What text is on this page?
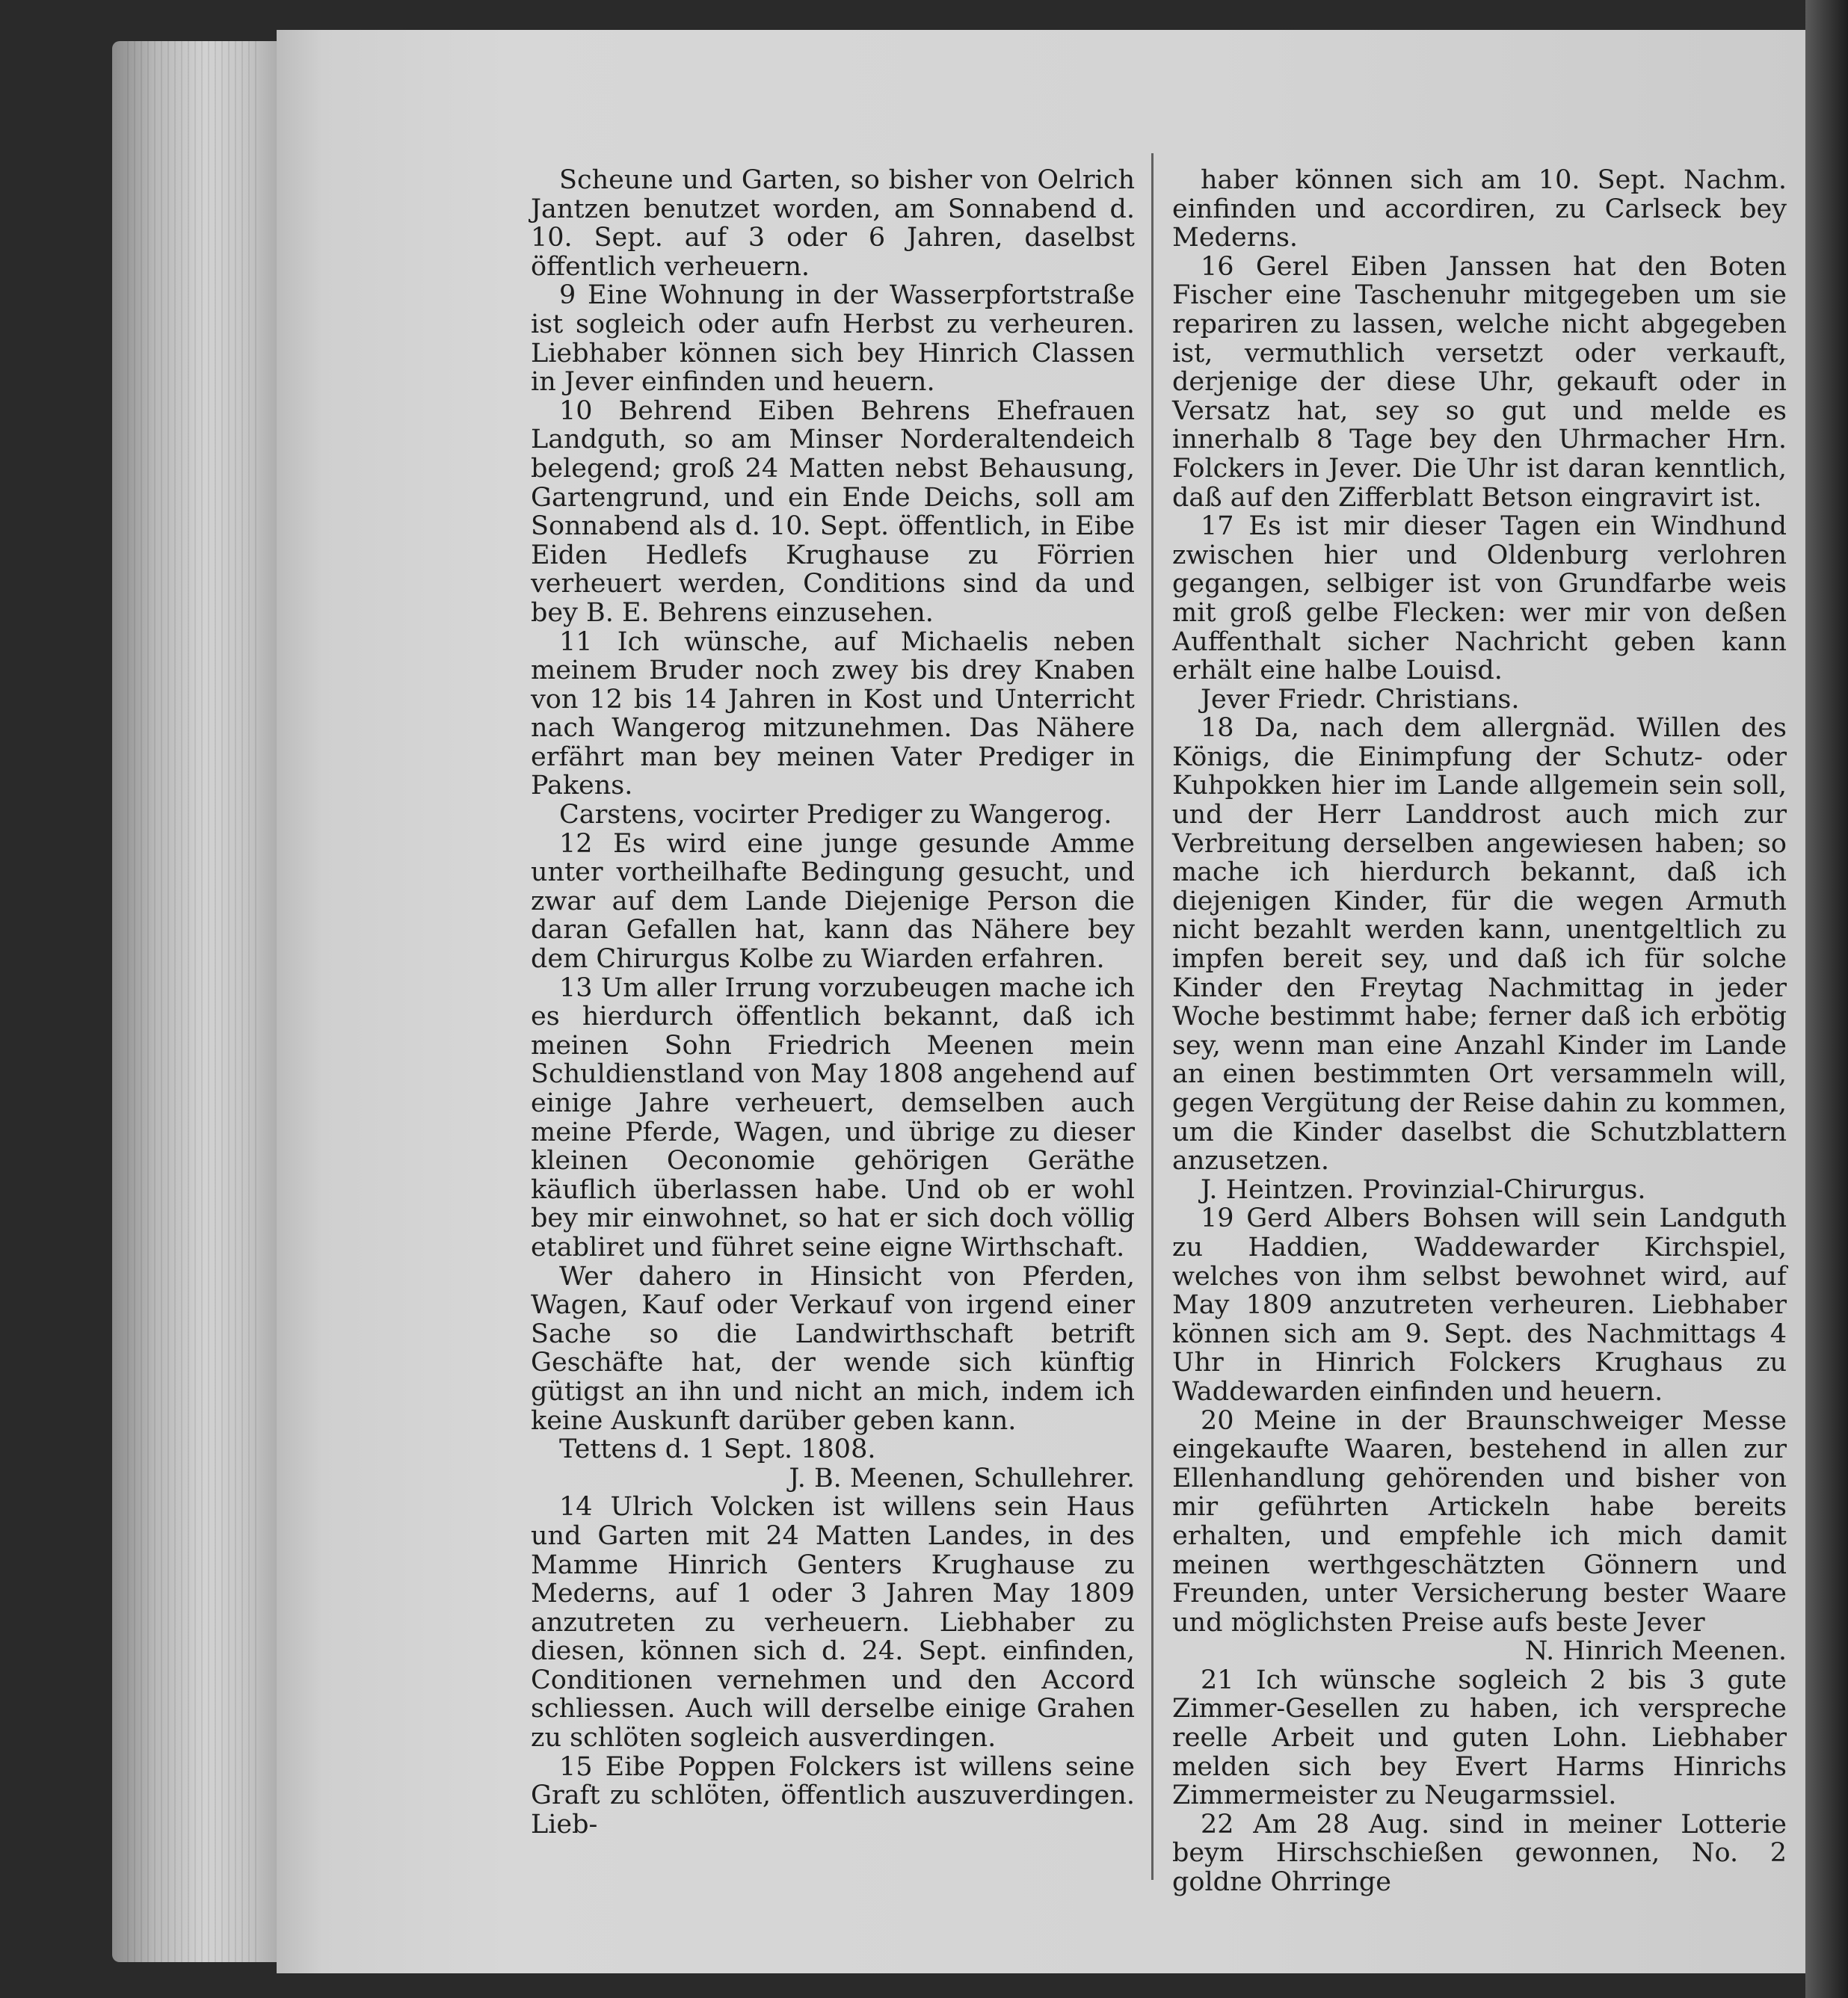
Scheune und Garten, so bisher von Oelrich Jantzen benutzet worden, am Sonnabend d. 10. Sept. auf 3 oder 6 Jahren, daselbst öffentlich verheuern.

9 Eine Wohnung in der Wasserpfortstraße ist sogleich oder aufn Herbst zu verheuren. Liebhaber können sich bey Hinrich Classen in Jever einfinden und heuern.

10 Behrend Eiben Behrens Ehefrauen Landguth, so am Minser Norderaltendeich belegend; groß 24 Matten nebst Behausung, Gartengrund, und ein Ende Deichs, soll am Sonnabend als d. 10. Sept. öffentlich, in Eibe Eiden Hedlefs Krughause zu Förrien verheuert werden, Conditions sind da und bey B. E. Behrens einzusehen.

11 Ich wünsche, auf Michaelis neben meinem Bruder noch zwey bis drey Knaben von 12 bis 14 Jahren in Kost und Unterricht nach Wangerog mitzunehmen. Das Nähere erfährt man bey meinen Vater Prediger in Pakens.

Carstens, vocirter Prediger zu Wangerog.

12 Es wird eine junge gesunde Amme unter vortheilhafte Bedingung gesucht, und zwar auf dem Lande Diejenige Person die daran Gefallen hat, kann das Nähere bey dem Chirurgus Kolbe zu Wiarden erfahren.

13 Um aller Irrung vorzubeugen mache ich es hierdurch öffentlich bekannt, daß ich meinen Sohn Friedrich Meenen mein Schuldienstland von May 1808 angehend auf einige Jahre verheuert, demselben auch meine Pferde, Wagen, und übrige zu dieser kleinen Oeconomie gehörigen Geräthe käuflich überlassen habe. Und ob er wohl bey mir einwohnet, so hat er sich doch völlig etabliret und führet seine eigne Wirthschaft.

Wer dahero in Hinsicht von Pferden, Wagen, Kauf oder Verkauf von irgend einer Sache so die Landwirthschaft betrift Geschäfte hat, der wende sich künftig gütigst an ihn und nicht an mich, indem ich keine Auskunft darüber geben kann.

Tettens d. 1 Sept. 1808.

J. B. Meenen, Schullehrer.

14 Ulrich Volcken ist willens sein Haus und Garten mit 24 Matten Landes, in des Mamme Hinrich Genters Krughause zu Mederns, auf 1 oder 3 Jahren May 1809 anzutreten zu verheuern. Liebhaber zu diesen, können sich d. 24. Sept. einfinden, Conditionen vernehmen und den Accord schliessen. Auch will derselbe einige Grahen zu schlöten sogleich ausverdingen.

15 Eibe Poppen Folckers ist willens seine Graft zu schlöten, öffentlich auszuverdingen. Lieb-

haber können sich am 10. Sept. Nachm. einfinden und accordiren, zu Carlseck bey Mederns.

16 Gerel Eiben Janssen hat den Boten Fischer eine Taschenuhr mitgegeben um sie repariren zu lassen, welche nicht abgegeben ist, vermuthlich versetzt oder verkauft, derjenige der diese Uhr, gekauft oder in Versatz hat, sey so gut und melde es innerhalb 8 Tage bey den Uhrmacher Hrn. Folckers in Jever. Die Uhr ist daran kenntlich, daß auf den Zifferblatt Betson eingravirt ist.

17 Es ist mir dieser Tagen ein Windhund zwischen hier und Oldenburg verlohren gegangen, selbiger ist von Grundfarbe weis mit groß gelbe Flecken: wer mir von deßen Auffenthalt sicher Nachricht geben kann erhält eine halbe Louisd.

Jever Friedr. Christians.

18 Da, nach dem allergnäd. Willen des Königs, die Einimpfung der Schutz- oder Kuhpokken hier im Lande allgemein sein soll, und der Herr Landdrost auch mich zur Verbreitung derselben angewiesen haben; so mache ich hierdurch bekannt, daß ich diejenigen Kinder, für die wegen Armuth nicht bezahlt werden kann, unentgeltlich zu impfen bereit sey, und daß ich für solche Kinder den Freytag Nachmittag in jeder Woche bestimmt habe; ferner daß ich erbötig sey, wenn man eine Anzahl Kinder im Lande an einen bestimmten Ort versammeln will, gegen Vergütung der Reise dahin zu kommen, um die Kinder daselbst die Schutzblattern anzusetzen.

J. Heintzen. Provinzial-Chirurgus.

19 Gerd Albers Bohsen will sein Landguth zu Haddien, Waddewarder Kirchspiel, welches von ihm selbst bewohnet wird, auf May 1809 anzutreten verheuren. Liebhaber können sich am 9. Sept. des Nachmittags 4 Uhr in Hinrich Folckers Krughaus zu Waddewarden einfinden und heuern.

20 Meine in der Braunschweiger Messe eingekaufte Waaren, bestehend in allen zur Ellenhandlung gehörenden und bisher von mir geführten Artickeln habe bereits erhalten, und empfehle ich mich damit meinen werthgeschätzten Gönnern und Freunden, unter Versicherung bester Waare und möglichsten Preise aufs beste Jever

N. Hinrich Meenen.

21 Ich wünsche sogleich 2 bis 3 gute Zimmer-Gesellen zu haben, ich verspreche reelle Arbeit und guten Lohn. Liebhaber melden sich bey Evert Harms Hinrichs Zimmermeister zu Neugarmssiel.

22 Am 28 Aug. sind in meiner Lotterie beym Hirschschießen gewonnen, No. 2 goldne Ohrringe
